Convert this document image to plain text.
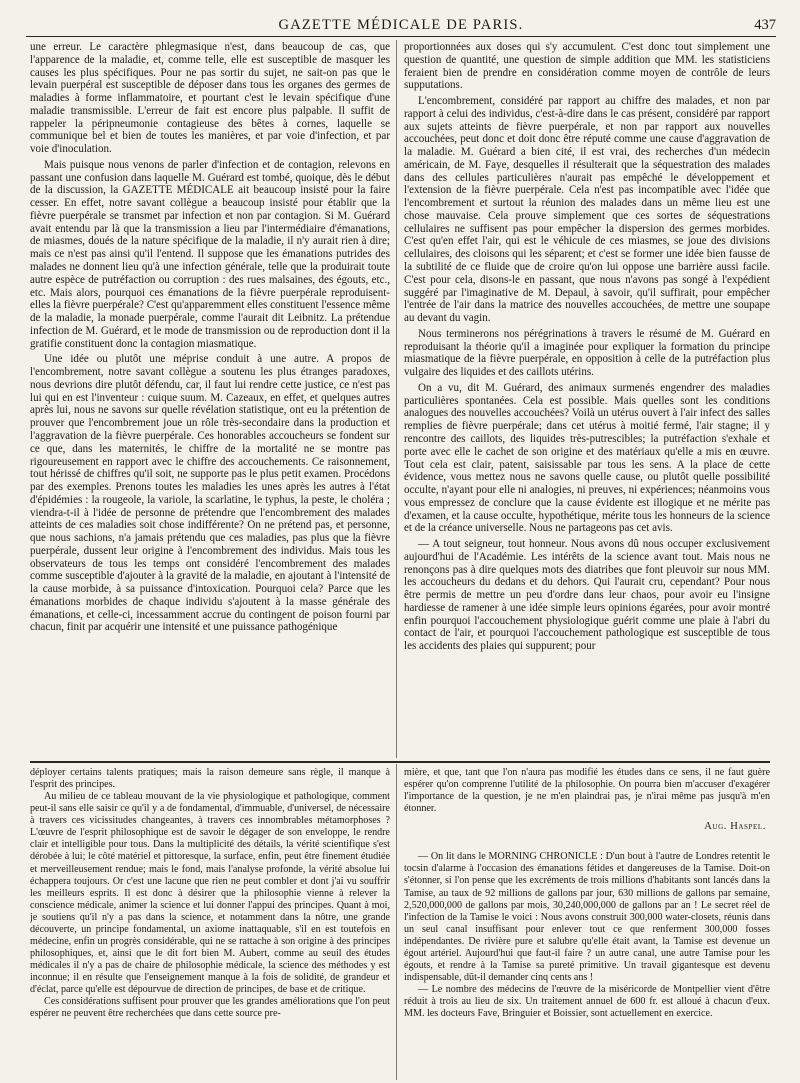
GAZETTE MÉDICALE DE PARIS.	437

une erreur. Le caractère phlegmasique n'est, dans beaucoup de cas, que l'apparence de la maladie, et, comme telle, elle est susceptible de masquer les causes les plus spécifiques. Pour ne pas sortir du sujet, ne sait-on pas que le levain puerpéral est susceptible de déposer dans tous les organes des germes de maladies à forme inflammatoire, et pourtant c'est le levain spécifique d'une maladie transmissible. L'erreur de fait est encore plus palpable. Il suffit de rappeler la péripneumonie contagieuse des bêtes à cornes, laquelle se communique bel et bien de toutes les manières, et par voie d'infection, et par voie d'inoculation.

Mais puisque nous venons de parler d'infection et de contagion, relevons en passant une confusion dans laquelle M. Guérard est tombé, quoique, dès le début de la discussion, la GAZETTE MÉDICALE ait beaucoup insisté pour la faire cesser. En effet, notre savant collègue a beaucoup insisté pour établir que la fièvre puerpérale se transmet par infection et non par contagion. Si M. Guérard avait entendu par là que la transmission a lieu par l'intermédiaire d'émanations, de miasmes, doués de la nature spécifique de la maladie, il n'y aurait rien à dire; mais ce n'est pas ainsi qu'il l'entend. Il suppose que les émanations putrides des malades ne donnent lieu qu'à une infection générale, telle que la produirait toute autre espèce de putréfaction ou corruption : des rues malsaines, des égouts, etc., etc. Mais alors, pourquoi ces émanations de la fièvre puerpérale reproduisent-elles la fièvre puerpérale? C'est qu'apparemment elles constituent l'essence même de la maladie, la monade puerpérale, comme l'aurait dit Leibnitz. La prétendue infection de M. Guérard, et le mode de transmission ou de reproduction dont il la gratifie constituent donc la contagion miasmatique.

Une idée ou plutôt une méprise conduit à une autre. A propos de l'encombrement, notre savant collègue a soutenu les plus étranges paradoxes, nous devrions dire plutôt défendu, car, il faut lui rendre cette justice, ce n'est pas lui qui en est l'inventeur : cuique suum. M. Cazeaux, en effet, et quelques autres après lui, nous ne savons sur quelle révélation statistique, ont eu la prétention de prouver que l'encombrement joue un rôle très-secondaire dans la production et l'aggravation de la fièvre puerpérale. Ces honorables accoucheurs se fondent sur ce que, dans les maternités, le chiffre de la mortalité ne se montre pas rigoureusement en rapport avec le chiffre des accouchements. Ce raisonnement, tout hérissé de chiffres qu'il soit, ne supporte pas le plus petit examen. Procédons par des exemples. Prenons toutes les maladies les unes après les autres à l'état d'épidémies : la rougeole, la variole, la scarlatine, le typhus, la peste, le choléra ; viendra-t-il à l'idée de personne de prétendre que l'encombrement des malades atteints de ces maladies soit chose indifférente? On ne prétend pas, et personne, que nous sachions, n'a jamais prétendu que ces maladies, pas plus que la fièvre puerpérale, dussent leur origine à l'encombrement des individus. Mais tous les observateurs de tous les temps ont considéré l'encombrement des malades comme susceptible d'ajouter à la gravité de la maladie, en ajoutant à l'intensité de la cause morbide, à sa puissance d'intoxication. Pourquoi cela? Parce que les émanations morbides de chaque individu s'ajoutent à la masse générale des émanations, et celle-ci, incessamment accrue du contingent de poison fourni par chacun, finit par acquérir une intensité et une puissance pathogénique

proportionnées aux doses qui s'y accumulent. C'est donc tout simplement une question de quantité, une question de simple addition que MM. les statisticiens feraient bien de prendre en considération comme moyen de contrôle de leurs supputations.

L'encombrement, considéré par rapport au chiffre des malades, et non par rapport à celui des individus, c'est-à-dire dans le cas présent, considéré par rapport aux sujets atteints de fièvre puerpérale, et non par rapport aux nouvelles accouchées, peut donc et doit donc être réputé comme une cause d'aggravation de la maladie. M. Guérard a bien cité, il est vrai, des recherches d'un médecin américain, de M. Faye, desquelles il résulterait que la séquestration des malades dans des cellules particulières n'aurait pas empêché le développement et l'extension de la fièvre puerpérale. Cela n'est pas incompatible avec l'idée que l'encombrement et surtout la réunion des malades dans un même lieu est une chose mauvaise. Cela prouve simplement que ces sortes de séquestrations cellulaires ne suffisent pas pour empêcher la dispersion des germes morbides. C'est qu'en effet l'air, qui est le véhicule de ces miasmes, se joue des divisions cellulaires, des cloisons qui les séparent; et c'est se former une idée bien fausse de la subtilité de ce fluide que de croire qu'on lui oppose une barrière aussi facile. C'est pour cela, disons-le en passant, que nous n'avons pas songé à l'expédient suggéré par l'imaginative de M. Depaul, à savoir, qu'il suffirait, pour empêcher l'entrée de l'air dans la matrice des nouvelles accouchées, de mettre une soupape au devant du vagin.

Nous terminerons nos pérégrinations à travers le résumé de M. Guérard en reproduisant la théorie qu'il a imaginée pour expliquer la formation du principe miasmatique de la fièvre puerpérale, en opposition à celle de la putréfaction plus vulgaire des liquides et des caillots utérins.

On a vu, dit M. Guérard, des animaux surmenés engendrer des maladies particulières spontanées. Cela est possible. Mais quelles sont les conditions analogues des nouvelles accouchées? Voilà un utérus ouvert à l'air infect des salles remplies de fièvre puerpérale; dans cet utérus à moitié fermé, l'air stagne; il y rencontre des caillots, des liquides très-putrescibles; la putréfaction s'exhale et porte avec elle le cachet de son origine et des matériaux qu'elle a mis en œuvre. Tout cela est clair, patent, saisissable par tous les sens. A la place de cette évidence, vous mettez nous ne savons quelle cause, ou plutôt quelle possibilité occulte, n'ayant pour elle ni analogies, ni preuves, ni expériences; néanmoins vous vous empressez de conclure que la cause évidente est illogique et ne mérite pas d'examen, et la cause occulte, hypothétique, mérite tous les honneurs de la science et de la créance universelle. Nous ne partageons pas cet avis.

— A tout seigneur, tout honneur. Nous avons dû nous occuper exclusivement aujourd'hui de l'Académie. Les intérêts de la science avant tout. Mais nous ne renonçons pas à dire quelques mots des diatribes que font pleuvoir sur nous MM. les accoucheurs du dedans et du dehors. Qui l'aurait cru, cependant? Pour nous être permis de mettre un peu d'ordre dans leur chaos, pour avoir eu l'insigne hardiesse de ramener à une idée simple leurs opinions égarées, pour avoir montré enfin pourquoi l'accouchement physiologique guérit comme une plaie à l'abri du contact de l'air, et pourquoi l'accouchement pathologique est susceptible de tous les accidents des plaies qui suppurent; pour

déployer certains talents pratiques; mais la raison demeure sans règle, il manque à l'esprit des principes.

Au milieu de ce tableau mouvant de la vie physiologique et pathologique, comment peut-il sans elle saisir ce qu'il y a de fondamental, d'immuable, d'universel, de nécessaire à travers ces vicissitudes changeantes, à travers ces innombrables métamorphoses ? L'œuvre de l'esprit philosophique est de savoir le dégager de son enveloppe, le rendre clair et intelligible pour tous. Dans la multiplicité des détails, la vérité scientifique s'est dérobée à lui; le côté matériel et pittoresque, la surface, enfin, peut être finement étudiée et merveilleusement rendue; mais le fond, mais l'analyse profonde, la vérité absolue lui échappera toujours. Or c'est une lacune que rien ne peut combler et dont j'ai vu souffrir les meilleurs esprits. Il est donc à désirer que la philosophie vienne à relever la conscience médicale, animer la science et lui donner l'appui des principes. Quant à moi, je soutiens qu'il n'y a pas dans la science, et notamment dans la nôtre, une grande découverte, un principe fondamental, un axiome inattaquable, s'il en est toutefois en médecine, enfin un progrès considérable, qui ne se rattache à son origine à des principes philosophiques, et, ainsi que le dit fort bien M. Aubert, comme au seuil des études médicales il n'y a pas de chaire de philosophie médicale, la science des méthodes y est inconnue; il en résulte que l'enseignement manque à la fois de solidité, de grandeur et d'éclat, parce qu'elle est dépourvue de direction de principes, de base et de critique.

Ces considérations suffisent pour prouver que les grandes améliorations que l'on peut espérer ne peuvent être recherchées que dans cette source pre-

mière, et que, tant que l'on n'aura pas modifié les études dans ce sens, il ne faut guère espérer qu'on comprenne l'utilité de la philosophie. On pourra bien m'accuser d'exagérer l'importance de la question, je ne m'en plaindrai pas, je n'irai même pas jusqu'à m'en étonner.

Aug. Haspel.

— On lit dans le MORNING CHRONICLE : D'un bout à l'autre de Londres retentit le tocsin d'alarme à l'occasion des émanations fétides et dangereuses de la Tamise. Doit-on s'étonner, si l'on pense que les excréments de trois millions d'habitants sont lancés dans la Tamise, au taux de 92 millions de gallons par jour, 630 millions de gallons par semaine, 2,520,000,000 de gallons par mois, 30,240,000,000 de gallons par an ! Le secret réel de l'infection de la Tamise le voici : Nous avons construit 300,000 water-closets, réunis dans un seul canal insuffisant pour enlever tout ce que renferment 300,000 fosses indépendantes. De rivière pure et salubre qu'elle était avant, la Tamise est devenue un égout artériel. Aujourd'hui que faut-il faire ? un autre canal, une autre Tamise pour les égouts, et rendre à la Tamise sa pureté primitive. Un travail gigantesque est devenu indispensable, dût-il demander cinq cents ans !

— Le nombre des médecins de l'œuvre de la miséricorde de Montpellier vient d'être réduit à trois au lieu de six. Un traitement annuel de 600 fr. est alloué à chacun d'eux. MM. les docteurs Fave, Bringuier et Boissier, sont actuellement en exercice.
